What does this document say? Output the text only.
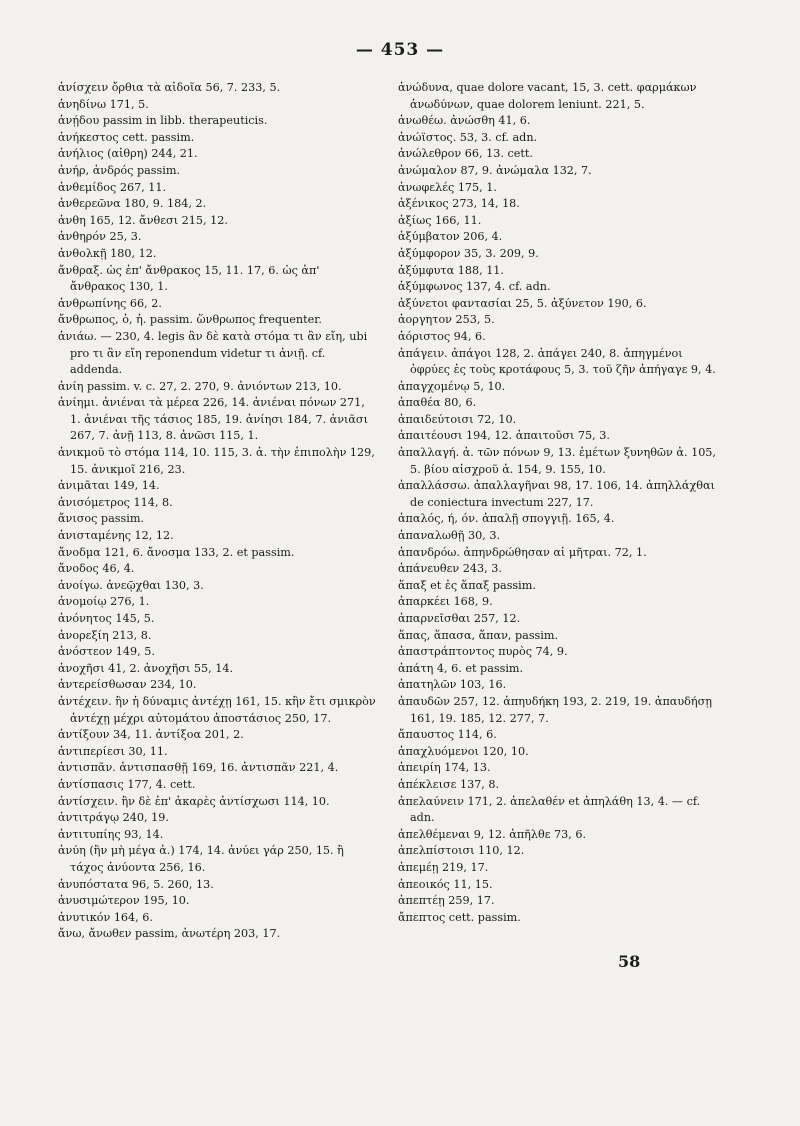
— 453 —

ἀνίσχειν ὄρθια τὰ αἰδοῖα 56, 7. 233, 5.

ἀνηδίνω 171, 5.

ἀνῄδου passim in libb. therapeuticis.

ἀνήκεστος cett. passim.

ἀνήλιος (αἰθρη) 244, 21.

ἀνήρ, ἀνδρός passim.

ἀνθεμίδος 267, 11.

ἀνθερεῶνα 180, 9. 184, 2.

ἀνθη 165, 12. ἄνθεσι 215, 12.

ἀνθηρόν 25, 3.

ἀνθολκῇ 180, 12.

ἄνθραξ. ὡς ἐπ' ἄνθρακος 15, 11. 17, 6. ὡς ἀπ' ἄνθρακος 130, 1.

ἀνθρωπίνης 66, 2.

ἄνθρωπος, ὁ, ἡ. passim. ὥνθρωπος frequenter.

ἀνιάω. — 230, 4. legis ἂν δὲ κατὰ στόμα τι ἂν εἴη, ubi pro τι ἂν εἴη reponendum videtur τι ἀνιῇ. cf. addenda.

ἀνίη passim. v. c. 27, 2. 270, 9. ἀνιόντων 213, 10.

ἀνίημι. ἀνιέναι τὰ μέρεα 226, 14. ἀνιέναι πόνων 271, 1. ἀνιέναι τῆς τάσιος 185, 19. ἀνίησι 184, 7. ἀνιᾶσι 267, 7. ἀνῇ 113, 8. ἀνῶσι 115, 1.

ἀνικμοῦ τὸ στόμα 114, 10. 115, 3. ἀ. τὴν ἐπιπολὴν 129, 15. ἀνικμοῖ 216, 23.

ἀνιμᾶται 149, 14.

ἀνισόμετρος 114, 8.

ἄνισος passim.

ἀνισταμένης 12, 12.

ἄνοδμα 121, 6. ἄνοσμα 133, 2. et passim.

ἄνοδος 46, 4.

ἀνοίγω. ἀνεῷχθαι 130, 3.

ἀνομοίῳ 276, 1.

ἀνόνητος 145, 5.

ἀνορεξίη 213, 8.

ἀνόστεον 149, 5.

ἀνοχῆσι 41, 2. ἀνοχῆσι 55, 14.

ἀντερείσθωσαν 234, 10.

ἀντέχειν. ἢν ἡ δύναμις ἀντέχῃ 161, 15. κἢν ἔτι σμικρὸν ἀντέχῃ μέχρι αὐτομάτου ἀποστάσιος 250, 17.

ἀντίξουν 34, 11. ἀντίξοα 201, 2.

ἀντιπερίεσι 30, 11.

ἀντισπᾶν. ἀντισπασθῇ 169, 16. ἀντισπᾶν 221, 4.

ἀντίσπασις 177, 4. cett.

ἀντίσχειν. ἢν δὲ ἐπ' ἀκαρὲς ἀντίσχωσι 114, 10.

ἀντιτράγῳ 240, 19.

ἀντιτυπίης 93, 14.

ἀνύη (ἢν μὴ μέγα ἀ.) 174, 14. ἀνύει γάρ 250, 15. ἢ τάχος ἀνύοντα 256, 16.

ἀνυπόστατα 96, 5. 260, 13.

ἀνυσιμώτερον 195, 10.

ἀνυτικόν 164, 6.

ἄνω, ἄνωθεν passim, ἀνωτέρη 203, 17.

ἀνώδυνα, quae dolore vacant, 15, 3. cett. φαρμάκων ἀνωδύνων, quae dolorem leniunt. 221, 5.

ἀνωθέω. ἀνώσθη 41, 6.

ἀνώϊστος. 53, 3. cf. adn.

ἀνώλεθρον 66, 13. cett.

ἀνώμαλον 87, 9. ἀνώμαλα 132, 7.

ἀνωφελές 175, 1.

ἀξένικος 273, 14, 18.

ἀξίως 166, 11.

ἀξύμβατον 206, 4.

ἀξύμφορον 35, 3. 209, 9.

ἀξύμφυτα 188, 11.

ἀξύμφωνος 137, 4. cf. adn.

ἀξύνετοι φαντασίαι 25, 5. ἀξύνετον 190, 6.

ἀοργητον 253, 5.

ἀόριστος 94, 6.

ἀπάγειν. ἀπάγοι 128, 2. ἀπάγει 240, 8. ἀπηγμένοι ὀφρύες ἐς τοὺς κροτάφους 5, 3. τοῦ ζῆν ἀπήγαγε 9, 4.

ἀπαγχομένῳ 5, 10.

ἀπαθέα 80, 6.

ἀπαιδεύτοισι 72, 10.

ἀπαιτέουσι 194, 12. ἀπαιτοῦσι 75, 3.

ἀπαλλαγή. ἀ. τῶν πόνων 9, 13. ἐμέτων ξυνηθῶν ἀ. 105, 5. βίου αἰσχροῦ ἀ. 154, 9. 155, 10.

ἀπαλλάσσω. ἀπαλλαγῆναι 98, 17. 106, 14. ἀπηλλάχθαι de coniectura invectum 227, 17.

ἀπαλός, ή, όν. ἀπαλῇ σπογγιῇ. 165, 4.

ἀπαναλωθῇ 30, 3.

ἀπανδρόω. ἀπηνδρώθησαν αἱ μῆτραι. 72, 1.

ἀπάνευθεν 243, 3.

ἅπαξ et ἐς ἅπαξ passim.

ἀπαρκέει 168, 9.

ἀπαρνεῖσθαι 257, 12.

ἅπας, ἅπασα, ἅπαν, passim.

ἀπαστράπτοντος πυρὸς 74, 9.

ἀπάτη 4, 6. et passim.

ἀπατηλῶν 103, 16.

ἀπαυδῶν 257, 12. ἀπηυδήκη 193, 2. 219, 19. ἀπαυδήσῃ 161, 19. 185, 12. 277, 7.

ἄπαυστος 114, 6.

ἀπαχλυόμενοι 120, 10.

ἀπειρίη 174, 13.

ἀπέκλεισε 137, 8.

ἀπελαύνειν 171, 2. ἀπελαθέν et ἀπηλάθη 13, 4. — cf. adn.

ἀπελθέμεναι 9, 12. ἀπῆλθε 73, 6.

ἀπελπίστοισι 110, 12.

ἀπεμέῃ 219, 17.

ἀπεοικός 11, 15.

ἀπεπτέῃ 259, 17.

ἄπεπτος cett. passim.

58
